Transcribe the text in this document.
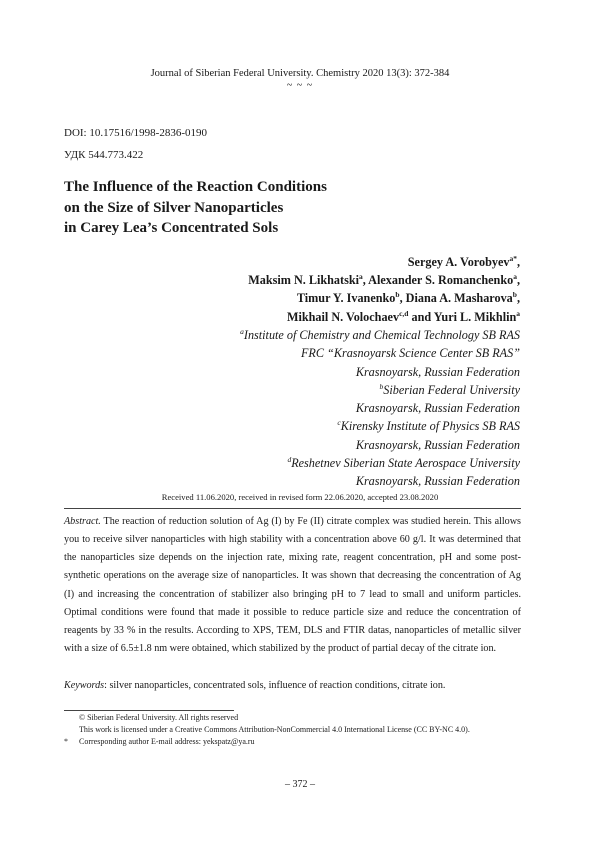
Journal of Siberian Federal University. Chemistry 2020 13(3): 372-384
~ ~ ~
DOI: 10.17516/1998-2836-0190
УДК 544.773.422
The Influence of the Reaction Conditions
on the Size of Silver Nanoparticles
in Carey Lea’s Concentrated Sols
Sergey A. Vorobyev$^{a*}$,
Maksim N. Likhatski$^a$, Alexander S. Romanchenko$^a$,
Timur Y. Ivanenko$^b$, Diana A. Masharova$^b$,
Mikhail N. Volochaev$^{c,d}$ and Yuri L. Mikhlin$^a$
$^a$Institute of Chemistry and Chemical Technology SB RAS
FRC “Krasnoyarsk Science Center SB RAS”
Krasnoyarsk, Russian Federation
$^b$Siberian Federal University
Krasnoyarsk, Russian Federation
$^c$Kirensky Institute of Physics SB RAS
Krasnoyarsk, Russian Federation
$^d$Reshetnev Siberian State Aerospace University
Krasnoyarsk, Russian Federation
Received 11.06.2020, received in revised form 22.06.2020, accepted 23.08.2020
Abstract. The reaction of reduction solution of Ag (I) by Fe (II) citrate complex was studied herein. This allows you to receive silver nanoparticles with high stability with a concentration above 60 g/l. It was determined that the nanoparticles size depends on the injection rate, mixing rate, reagent concentration, pH and some post-synthetic operations on the average size of nanoparticles. It was shown that decreasing the concentration of Ag (I) and increasing the concentration of stabilizer also bringing pH to 7 lead to small and uniform particles. Optimal conditions were found that made it possible to reduce particle size and reduce the concentration of reagents by 33 % in the results. According to XPS, TEM, DLS and FTIR datas, nanoparticles of metallic silver with a size of 6.5±1.8 nm were obtained, which stabilized by the product of partial decay of the citrate ion.
Keywords: silver nanoparticles, concentrated sols, influence of reaction conditions, citrate ion.
© Siberian Federal University. All rights reserved
This work is licensed under a Creative Commons Attribution-NonCommercial 4.0 International License (CC BY-NC 4.0).
* Corresponding author E-mail address: yekspatz@ya.ru
– 372 –
